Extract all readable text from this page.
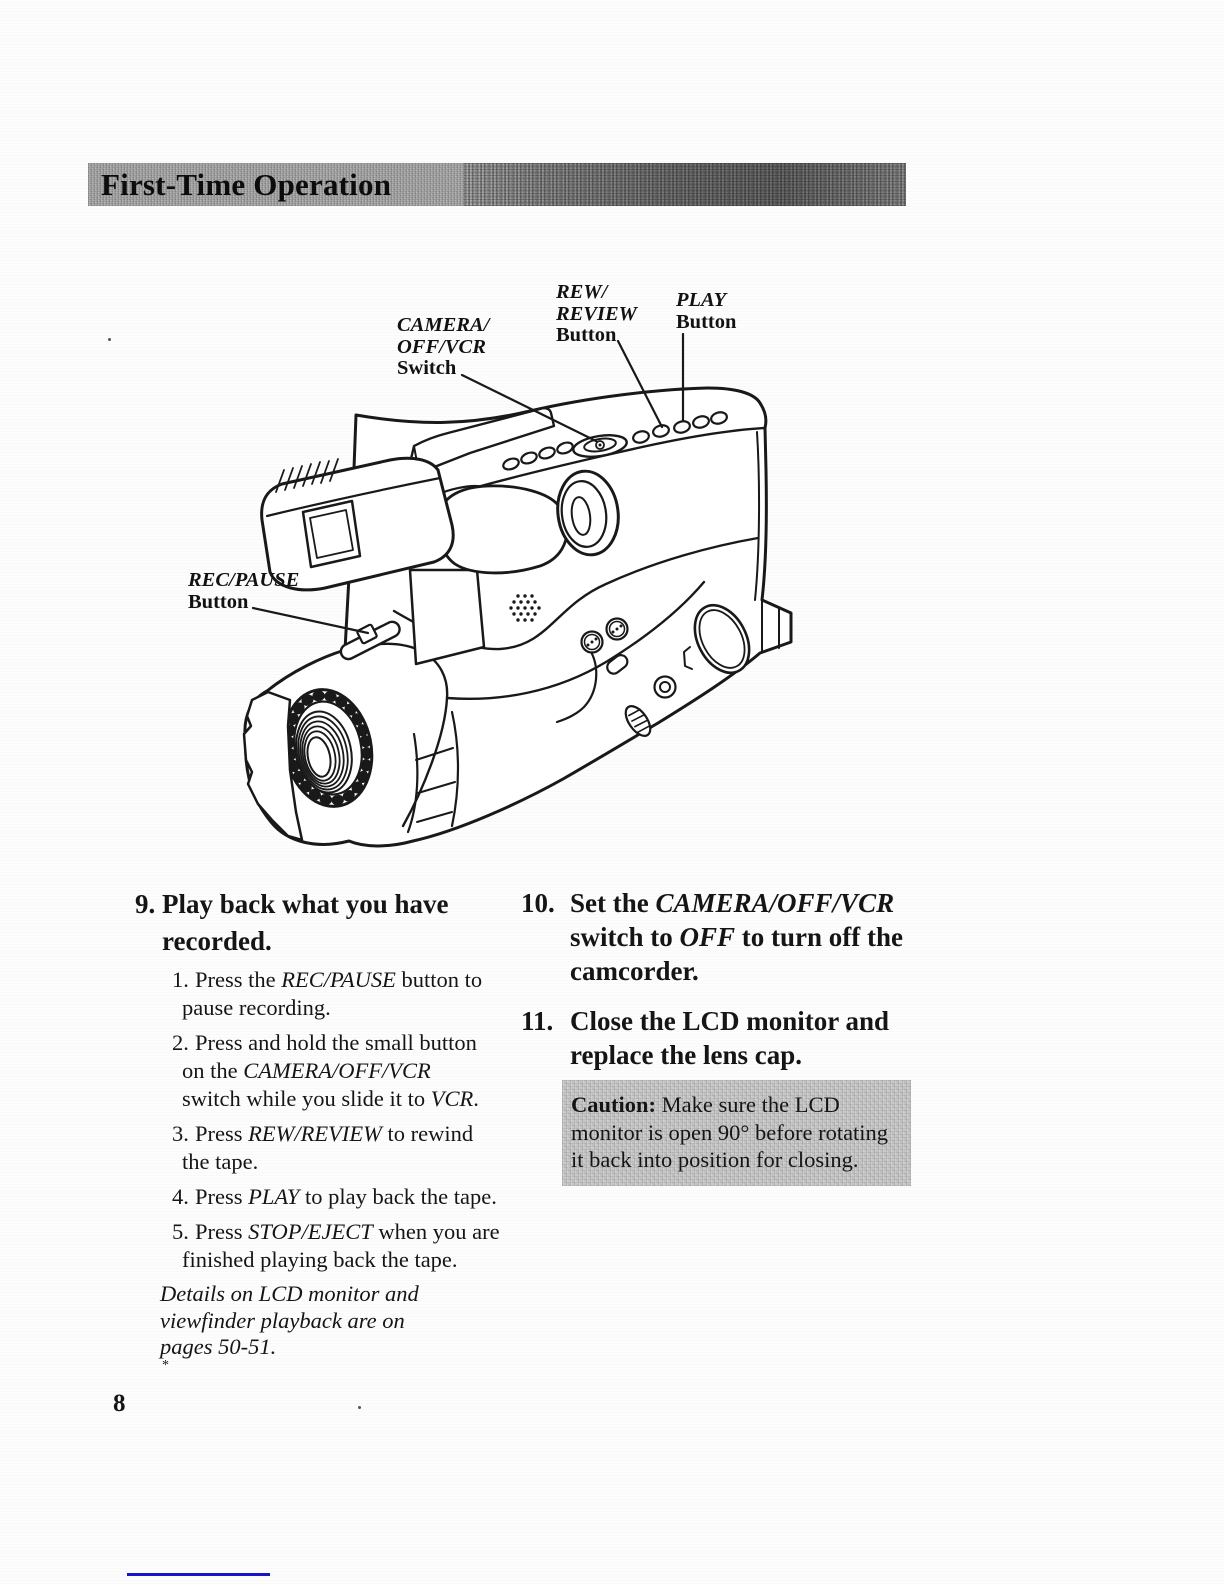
First-Time Operation
CAMERA/
OFF/VCR
Switch
REW/
REVIEW
Button
PLAY
Button
REC/PAUSE
Button
9. Play back what you have
recorded.
1. Press the REC/PAUSE button to
pause recording.
2. Press and hold the small button
on the CAMERA/OFF/VCR
switch while you slide it to VCR.
3. Press REW/REVIEW to rewind
the tape.
4. Press PLAY to play back the tape.
5. Press STOP/EJECT when you are
finished playing back the tape.
Details on LCD monitor and
viewfinder playback are on
pages 50-51.
*
10. Set the CAMERA/OFF/VCR
switch to OFF to turn off the
camcorder.
11. Close the LCD monitor and
replace the lens cap.
Caution: Make sure the LCD
monitor is open 90° before rotating
it back into position for closing.
8
